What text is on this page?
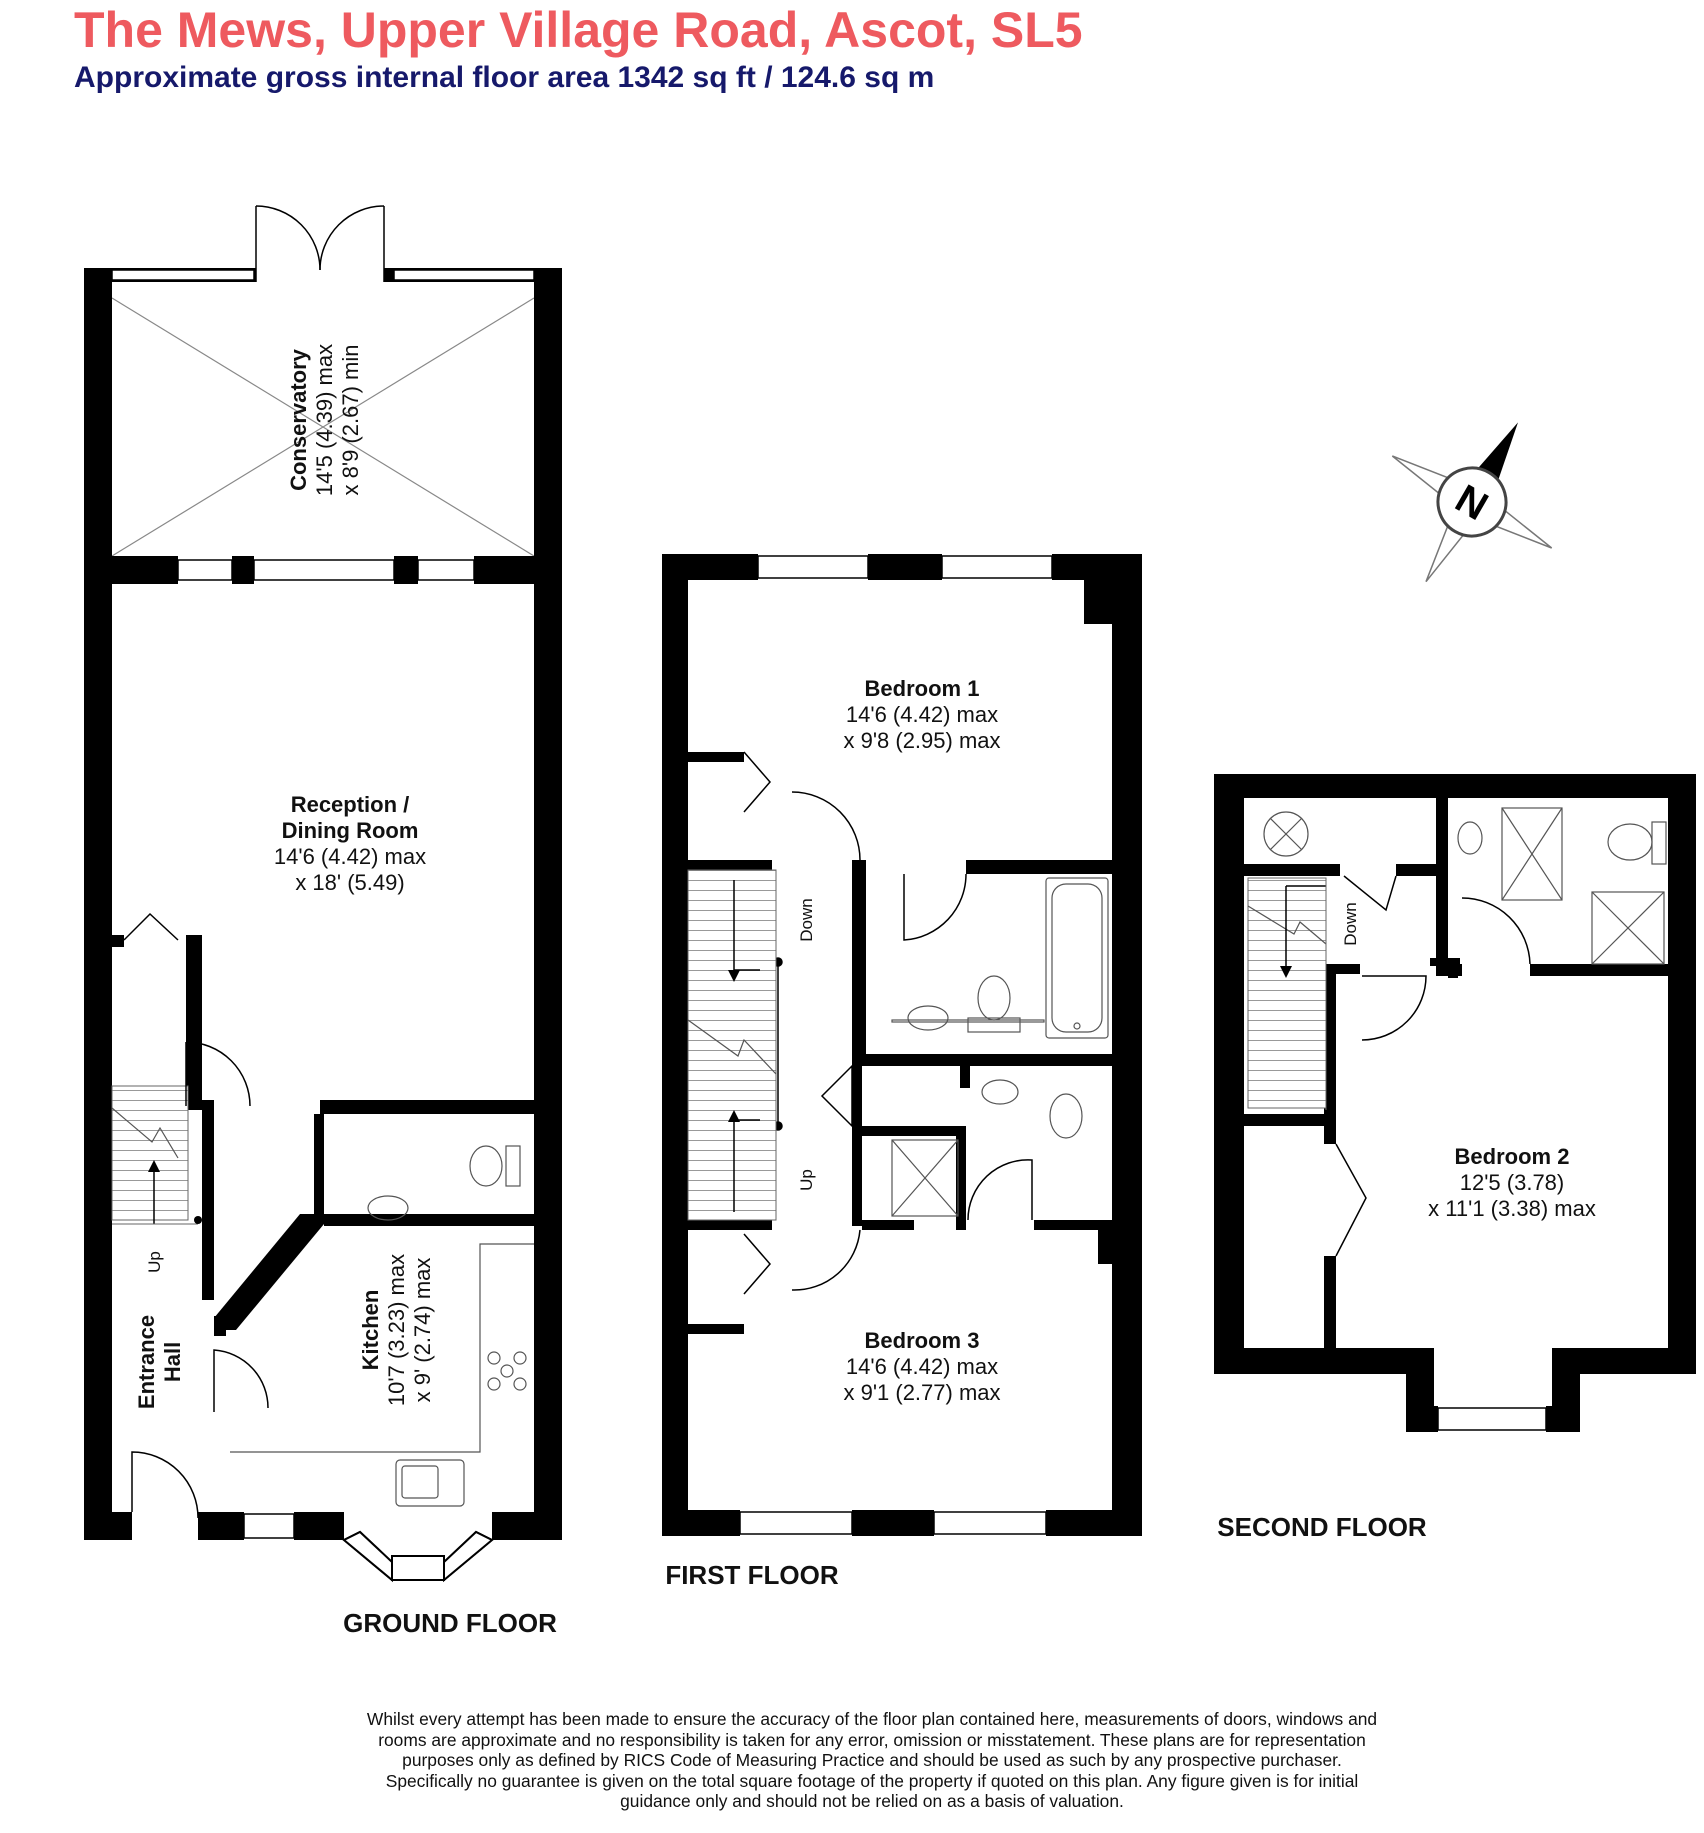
The Mews, Upper Village Road, Ascot, SL5
Approximate gross internal floor area 1342 sq ft / 124.6 sq m
Conservatory 14'5 (4.39) max x 8'9 (2.67) min
Reception /
Dining Room
14'6 (4.42) max
x 18' (5.49)
Kitchen 10'7 (3.23) max x 9' (2.74) max
Entrance Hall
Up
GROUND FLOOR
Bedroom 1
14'6 (4.42) max
x 9'8 (2.95) max
Bedroom 3
14'6 (4.42) max
x 9'1 (2.77) max
Down
Up
FIRST FLOOR
Bedroom 2
12'5 (3.78)
x 11'1 (3.38) max
Down
SECOND FLOOR
N

Whilst every attempt has been made to ensure the accuracy of the floor plan contained here, measurements of doors, windows and

rooms are approximate and no responsibility is taken for any error, omission or misstatement. These plans are for representation

purposes only as defined by RICS Code of Measuring Practice and should be used as such by any prospective purchaser.

Specifically no guarantee is given on the total square footage of the property if quoted on this plan. Any figure given is for initial

guidance only and should not be relied on as a basis of valuation.
